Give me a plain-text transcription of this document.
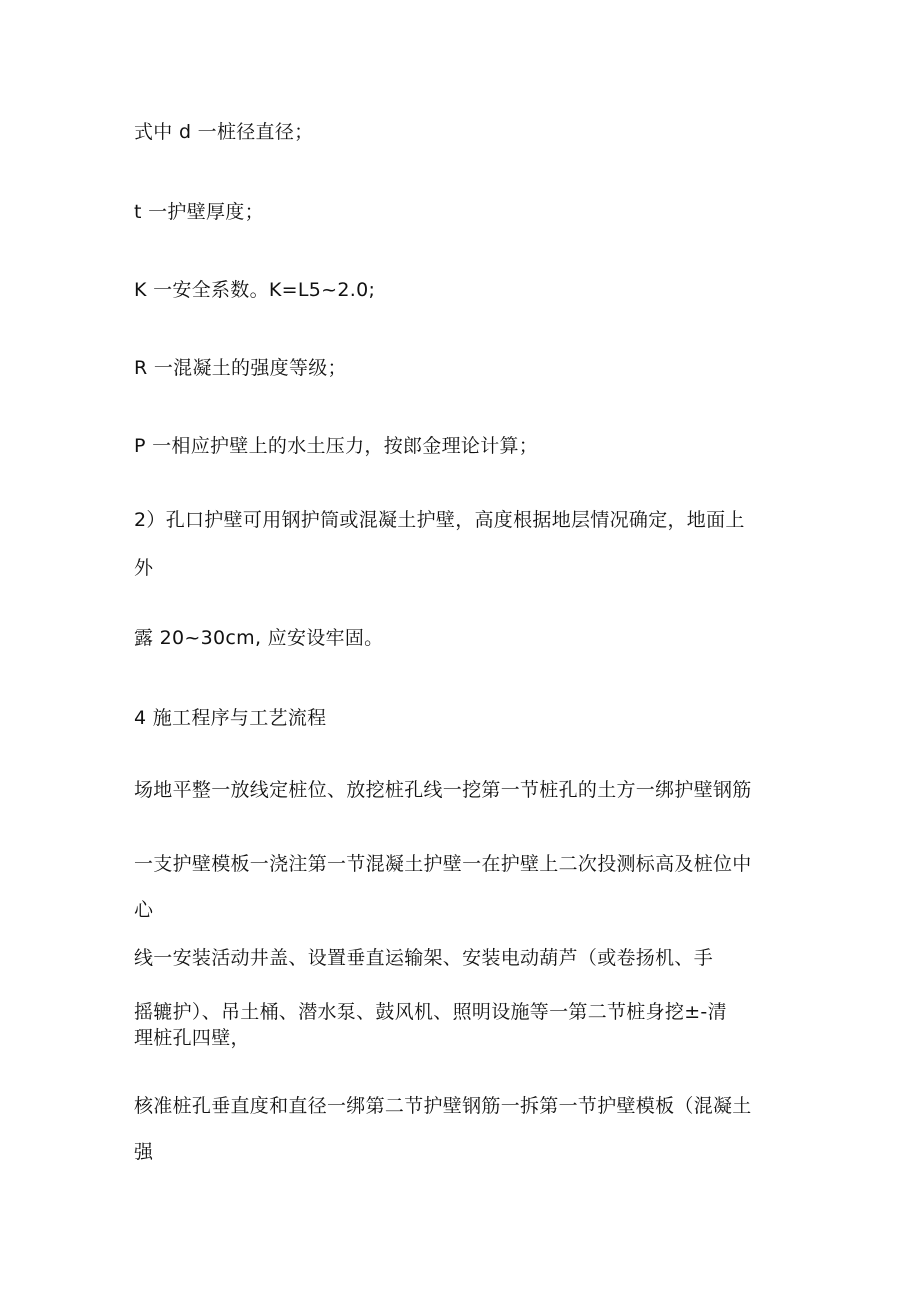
式中 d 一桩径直径；
t 一护壁厚度；
K 一安全系数。K=L5~2.0;
R 一混凝土的强度等级；
P 一相应护壁上的水土压力，按郎金理论计算；
2）孔口护壁可用钢护筒或混凝土护壁，高度根据地层情况确定，地面上
外
露 20~30cm, 应安设牢固。
4 施工程序与工艺流程
场地平整一放线定桩位、放挖桩孔线一挖第一节桩孔的土方一绑护壁钢筋
一支护壁模板一浇注第一节混凝土护壁一在护壁上二次投测标高及桩位中
心
线一安装活动井盖、设置垂直运输架、安装电动葫芦（或卷扬机、手
摇辘护）、吊土桶、潜水泵、鼓风机、照明设施等一第二节桩身挖±-清
理桩孔四壁，
核准桩孔垂直度和直径一绑第二节护壁钢筋一拆第一节护壁模板（混凝土
强
